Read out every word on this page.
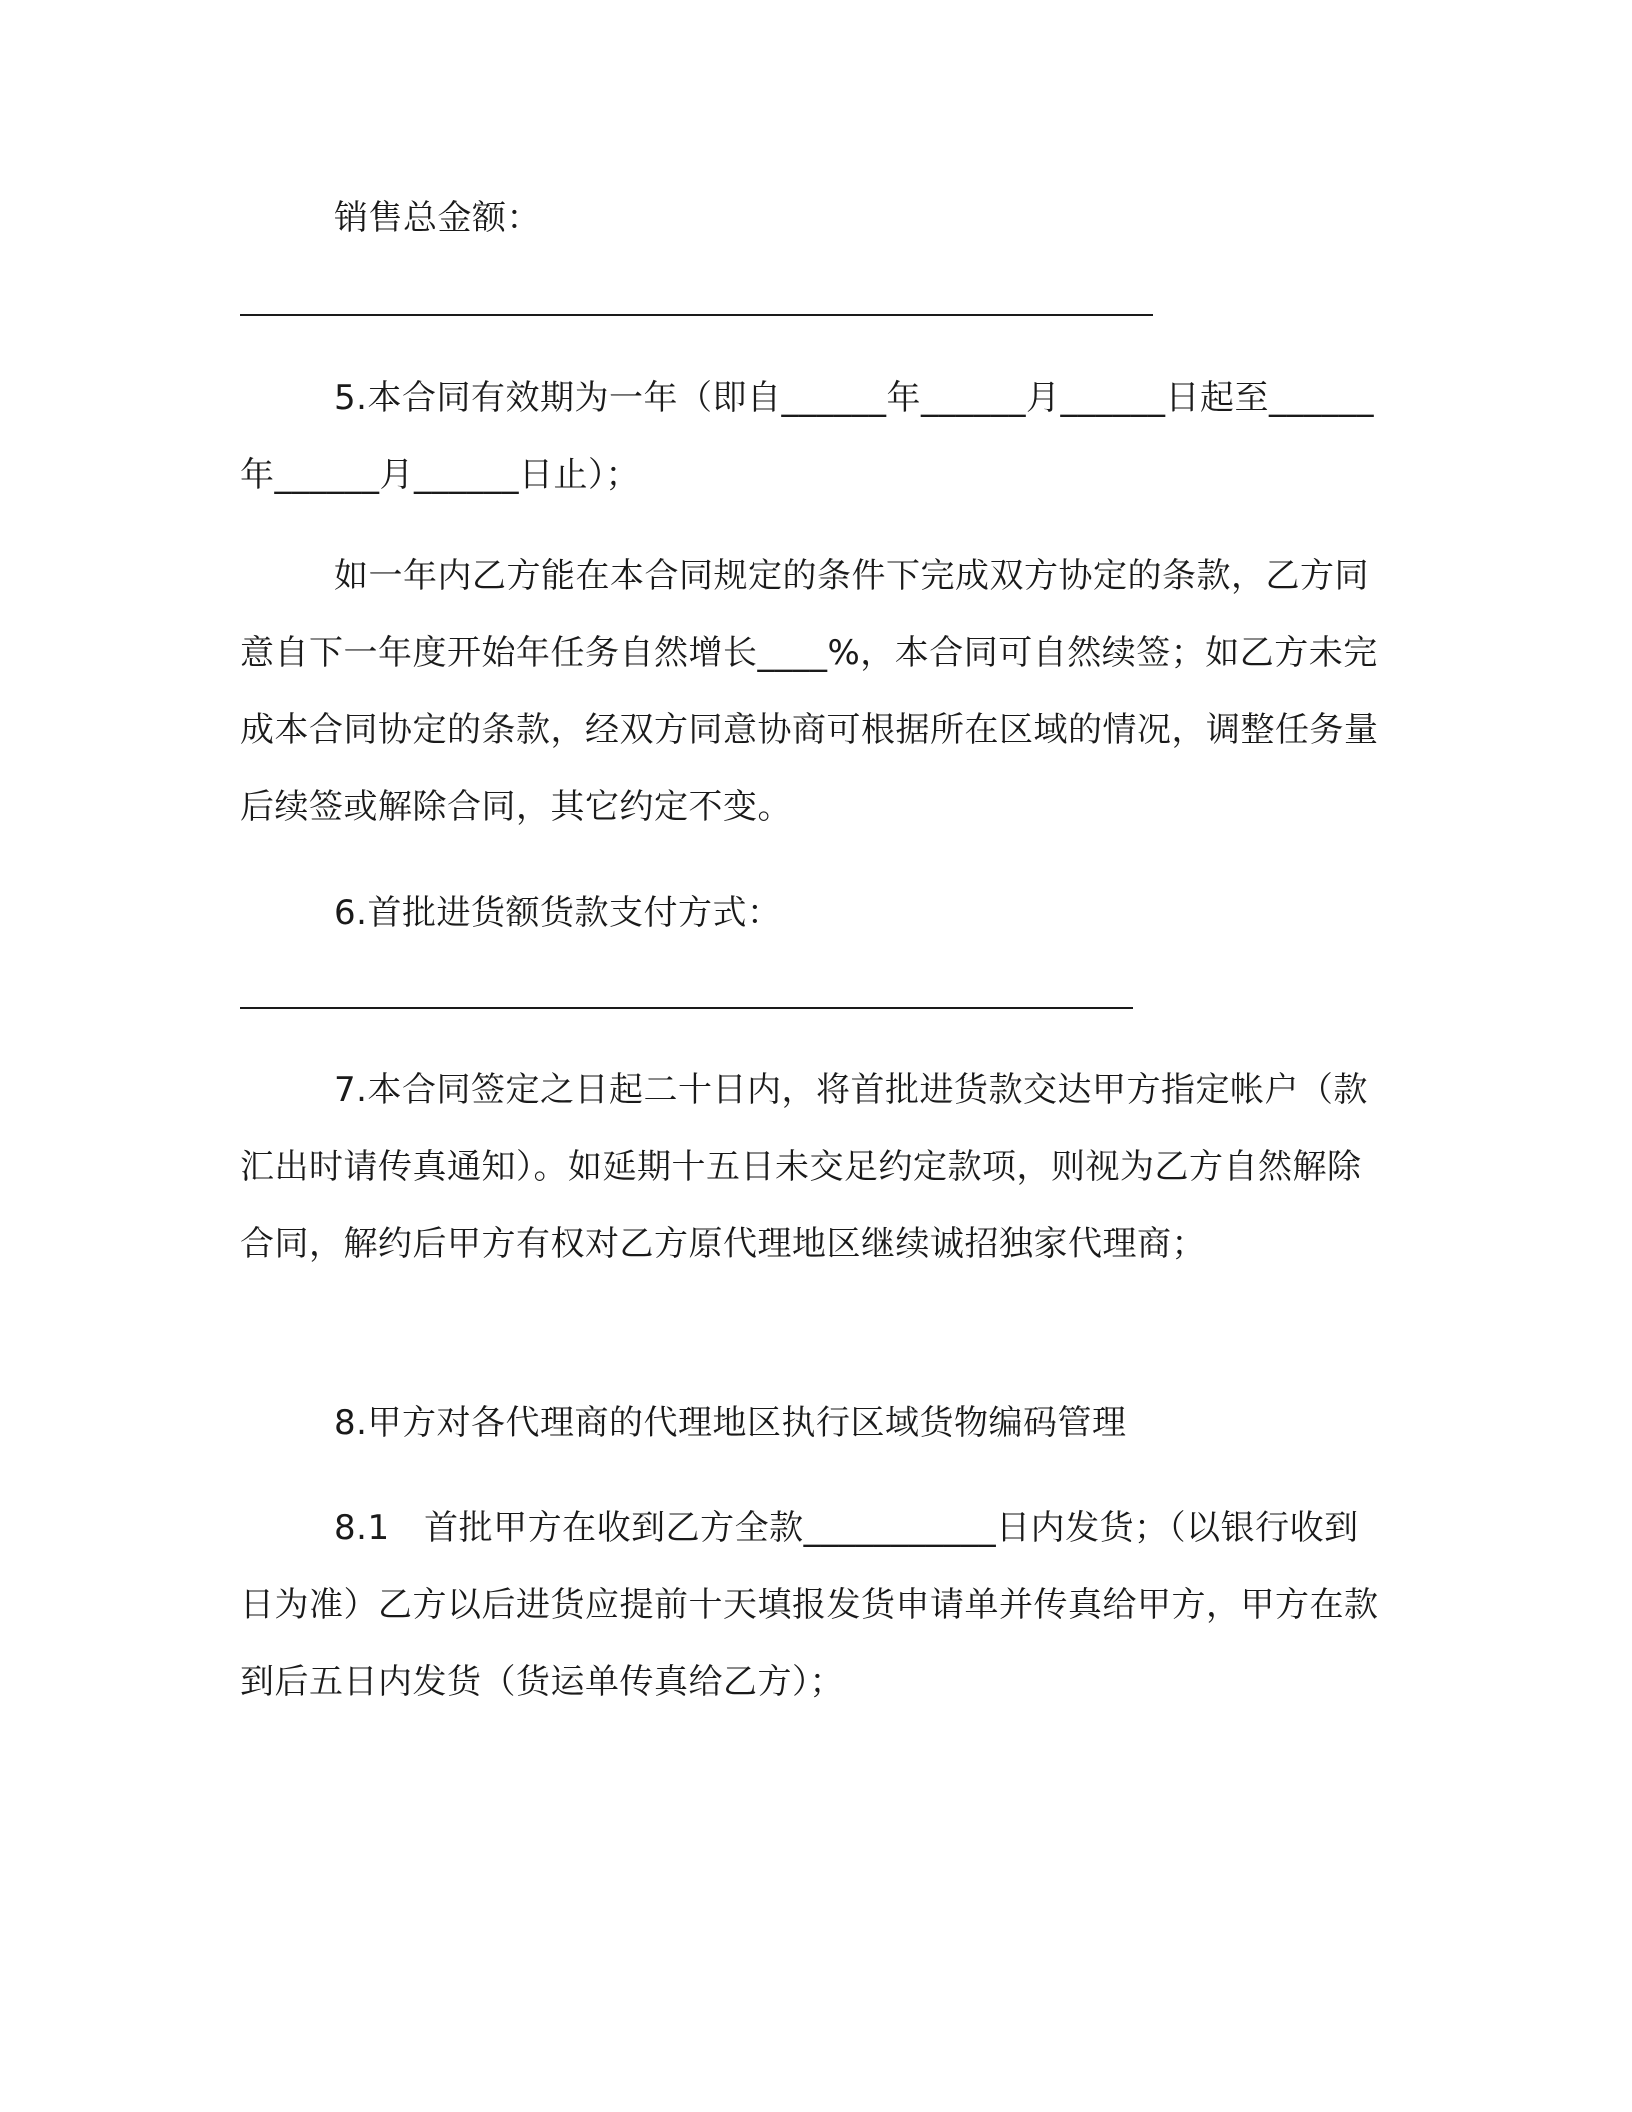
销售总金额：
5.本合同有效期为一年（即自______年______月______日起至______年______月______日止）；
如一年内乙方能在本合同规定的条件下完成双方协定的条款，乙方同意自下一年度开始年任务自然增长____%，本合同可自然续签；如乙方未完成本合同协定的条款，经双方同意协商可根据所在区域的情况，调整任务量后续签或解除合同，其它约定不变。
6.首批进货额货款支付方式：
7.本合同签定之日起二十日内，将首批进货款交达甲方指定帐户（款汇出时请传真通知）。如延期十五日未交足约定款项，则视为乙方自然解除合同，解约后甲方有权对乙方原代理地区继续诚招独家代理商；
8.甲方对各代理商的代理地区执行区域货物编码管理
8.1　首批甲方在收到乙方全款___________日内发货；（以银行收到日为准）乙方以后进货应提前十天填报发货申请单并传真给甲方，甲方在款到后五日内发货（货运单传真给乙方）；
